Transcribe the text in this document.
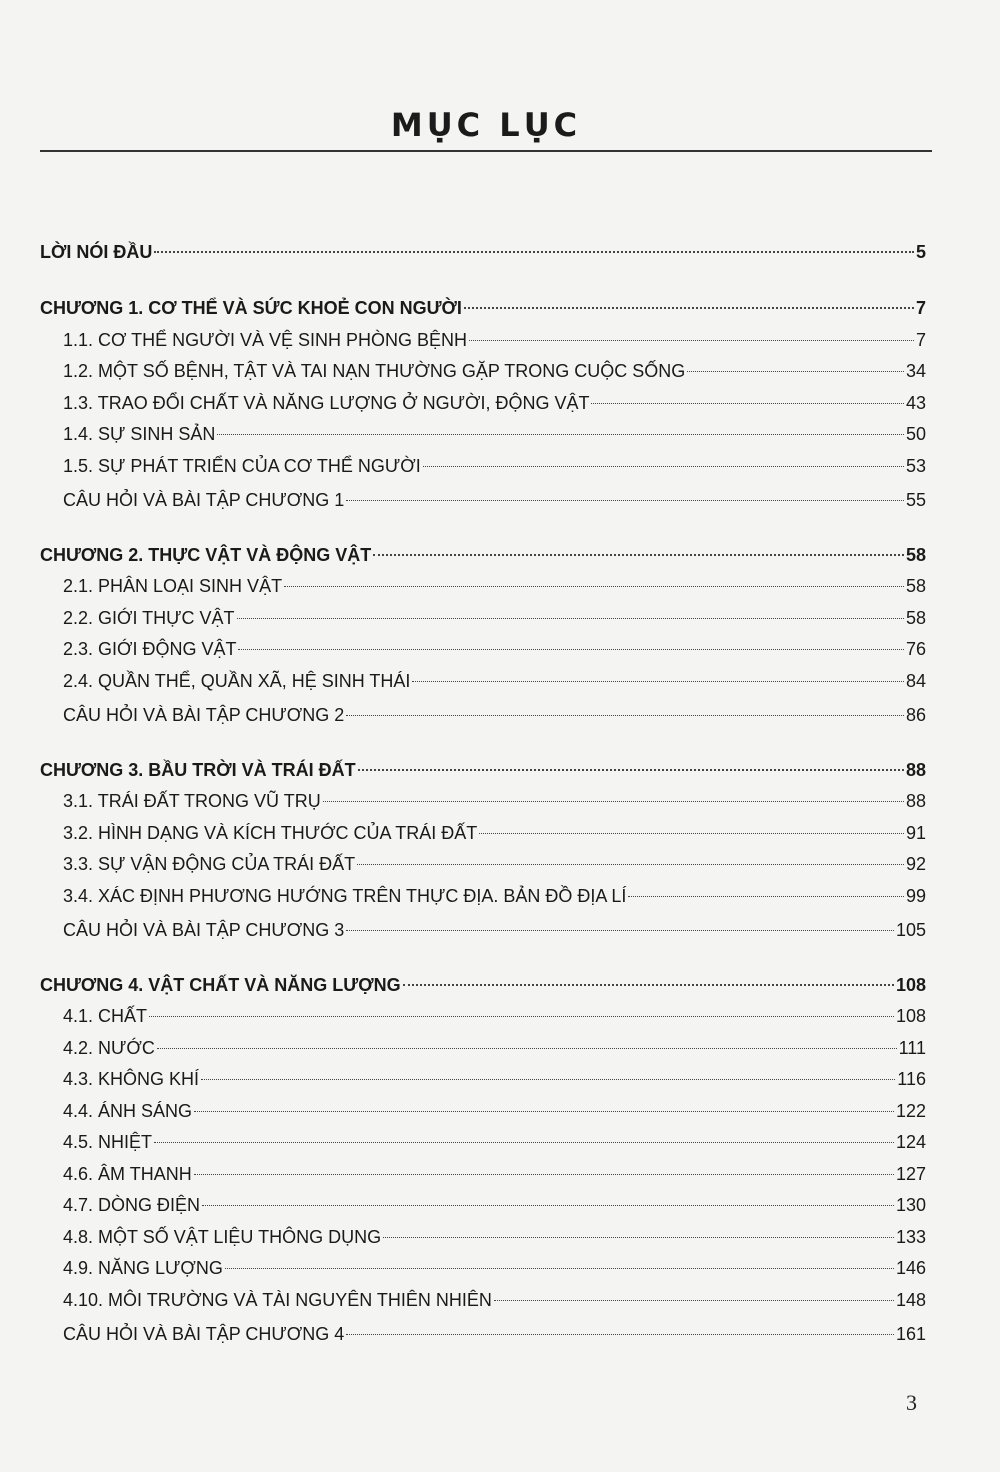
MỤC LỤC
LỜI NÓI ĐẦU	5
CHƯƠNG 1. CƠ THỂ VÀ SỨC KHOẺ CON NGƯỜI	7
1.1. CƠ THỂ NGƯỜI VÀ VỆ SINH PHÒNG BỆNH	7
1.2. MỘT SỐ BỆNH, TẬT VÀ TAI NẠN THƯỜNG GẶP TRONG CUỘC SỐNG	34
1.3. TRAO ĐỔI CHẤT VÀ NĂNG LƯỢNG Ở NGƯỜI, ĐỘNG VẬT	43
1.4. SỰ SINH SẢN	50
1.5. SỰ PHÁT TRIỂN CỦA CƠ THỂ NGƯỜI	53
CÂU HỎI VÀ BÀI TẬP CHƯƠNG 1	55
CHƯƠNG 2. THỰC VẬT VÀ ĐỘNG VẬT	58
2.1. PHÂN LOẠI SINH VẬT	58
2.2. GIỚI THỰC VẬT	58
2.3. GIỚI ĐỘNG VẬT	76
2.4. QUẦN THỂ, QUẦN XÃ, HỆ SINH THÁI	84
CÂU HỎI VÀ BÀI TẬP CHƯƠNG 2	86
CHƯƠNG 3. BẦU TRỜI VÀ TRÁI ĐẤT	88
3.1. TRÁI ĐẤT TRONG VŨ TRỤ	88
3.2. HÌNH DẠNG VÀ KÍCH THƯỚC CỦA TRÁI ĐẤT	91
3.3. SỰ VẬN ĐỘNG CỦA TRÁI ĐẤT	92
3.4. XÁC ĐỊNH PHƯƠNG HƯỚNG TRÊN THỰC ĐỊA. BẢN ĐỒ ĐỊA LÍ	99
CÂU HỎI VÀ BÀI TẬP CHƯƠNG 3	105
CHƯƠNG 4. VẬT CHẤT VÀ NĂNG LƯỢNG	108
4.1. CHẤT	108
4.2. NƯỚC	111
4.3. KHÔNG KHÍ	116
4.4. ÁNH SÁNG	122
4.5. NHIỆT	124
4.6. ÂM THANH	127
4.7. DÒNG ĐIỆN	130
4.8. MỘT SỐ VẬT LIỆU THÔNG DỤNG	133
4.9. NĂNG LƯỢNG	146
4.10. MÔI TRƯỜNG VÀ TÀI NGUYÊN THIÊN NHIÊN	148
CÂU HỎI VÀ BÀI TẬP CHƯƠNG 4	161
3
